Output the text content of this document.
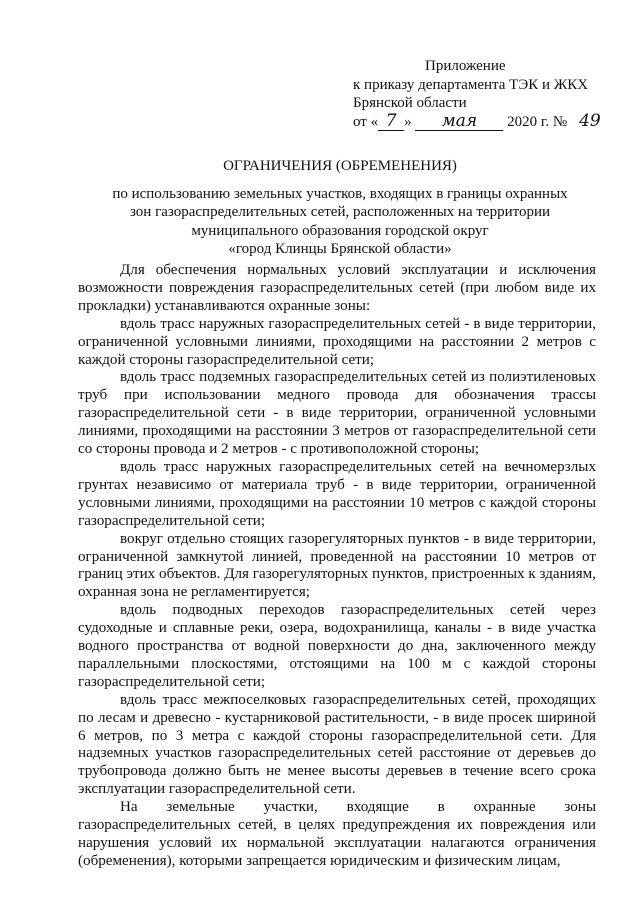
Приложение
к приказу департамента ТЭК и ЖКХ
Брянской области
от « 7 » мая 2020 г. № 49
ОГРАНИЧЕНИЯ (ОБРЕМЕНЕНИЯ)
по использованию земельных участков, входящих в границы охранных
зон газораспределительных сетей, расположенных на территории
муниципального образования городской округ
«город Клинцы Брянской области»

Для обеспечения нормальных условий эксплуатации и исключения возможности повреждения газораспределительных сетей (при любом виде их прокладки) устанавливаются охранные зоны:

вдоль трасс наружных газораспределительных сетей - в виде территории, ограниченной условными линиями, проходящими на расстоянии 2 метров с каждой стороны газораспределительной сети;

вдоль трасс подземных газораспределительных сетей из полиэтиленовых труб при использовании медного провода для обозначения трассы газораспределительной сети - в виде территории, ограниченной условными линиями, проходящими на расстоянии 3 метров от газораспределительной сети со стороны провода и 2 метров - с противоположной стороны;

вдоль трасс наружных газораспределительных сетей на вечномерзлых грунтах независимо от материала труб - в виде территории, ограниченной условными линиями, проходящими на расстоянии 10 метров с каждой стороны газораспределительной сети;

вокруг отдельно стоящих газорегуляторных пунктов - в виде территории, ограниченной замкнутой линией, проведенной на расстоянии 10 метров от границ этих объектов. Для газорегуляторных пунктов, пристроенных к зданиям, охранная зона не регламентируется;

вдоль подводных переходов газораспределительных сетей через судоходные и сплавные реки, озера, водохранилища, каналы - в виде участка водного пространства от водной поверхности до дна, заключенного между параллельными плоскостями, отстоящими на 100 м с каждой стороны газораспределительной сети;

вдоль трасс межпоселковых газораспределительных сетей, проходящих по лесам и древесно - кустарниковой растительности, - в виде просек шириной 6 метров, по 3 метра с каждой стороны газораспределительной сети. Для надземных участков газораспределительных сетей расстояние от деревьев до трубопровода должно быть не менее высоты деревьев в течение всего срока эксплуатации газораспределительной сети.

На земельные участки, входящие в охранные зоны газораспределительных сетей, в целях предупреждения их повреждения или нарушения условий их нормальной эксплуатации налагаются ограничения (обременения), которыми запрещается юридическим и физическим лицам,
